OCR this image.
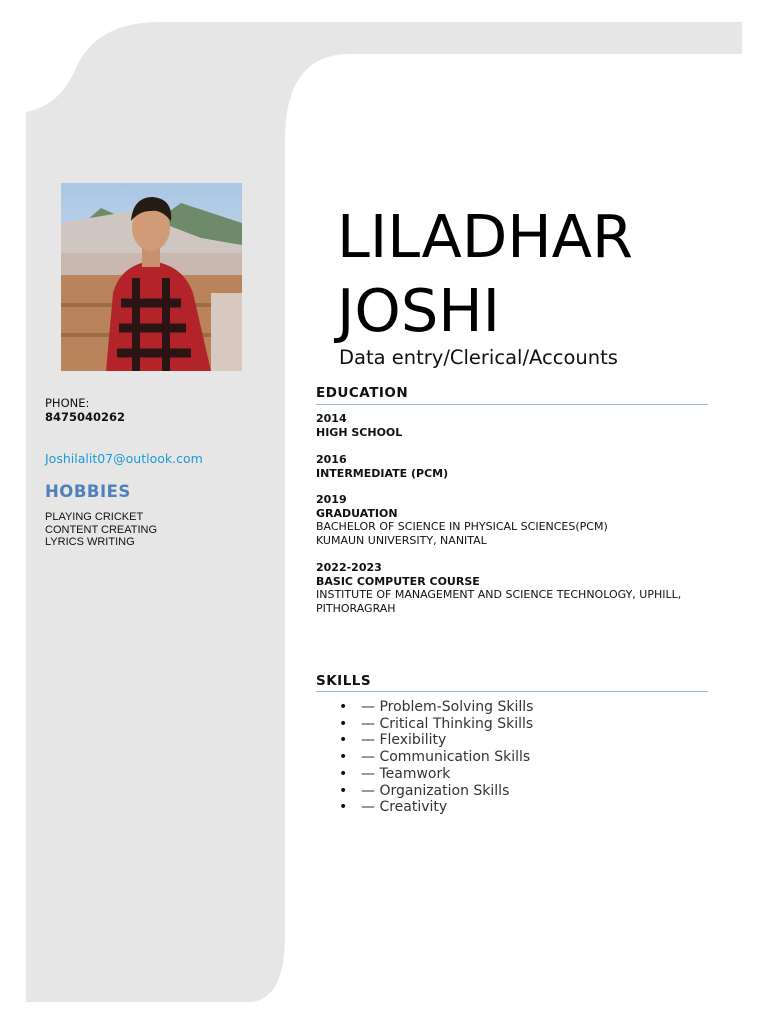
PHONE:
8475040262
Joshilalit07@outlook.com
HOBBIES
PLAYING CRICKET
CONTENT CREATING
LYRICS WRITING
LILADHAR
JOSHI
Data entry/Clerical/Accounts
EDUCATION
2014
HIGH SCHOOL
2016
INTERMEDIATE (PCM)
2019
GRADUATION
BACHELOR OF SCIENCE IN PHYSICAL SCIENCES(PCM)
KUMAUN UNIVERSITY, NANITAL
2022-2023
BASIC COMPUTER COURSE
INSTITUTE OF MANAGEMENT AND SCIENCE TECHNOLOGY, UPHILL,
PITHORAGRAH
SKILLS
• — Problem-Solving Skills
• — Critical Thinking Skills
• — Flexibility
• — Communication Skills
• — Teamwork
• — Organization Skills
• — Creativity
